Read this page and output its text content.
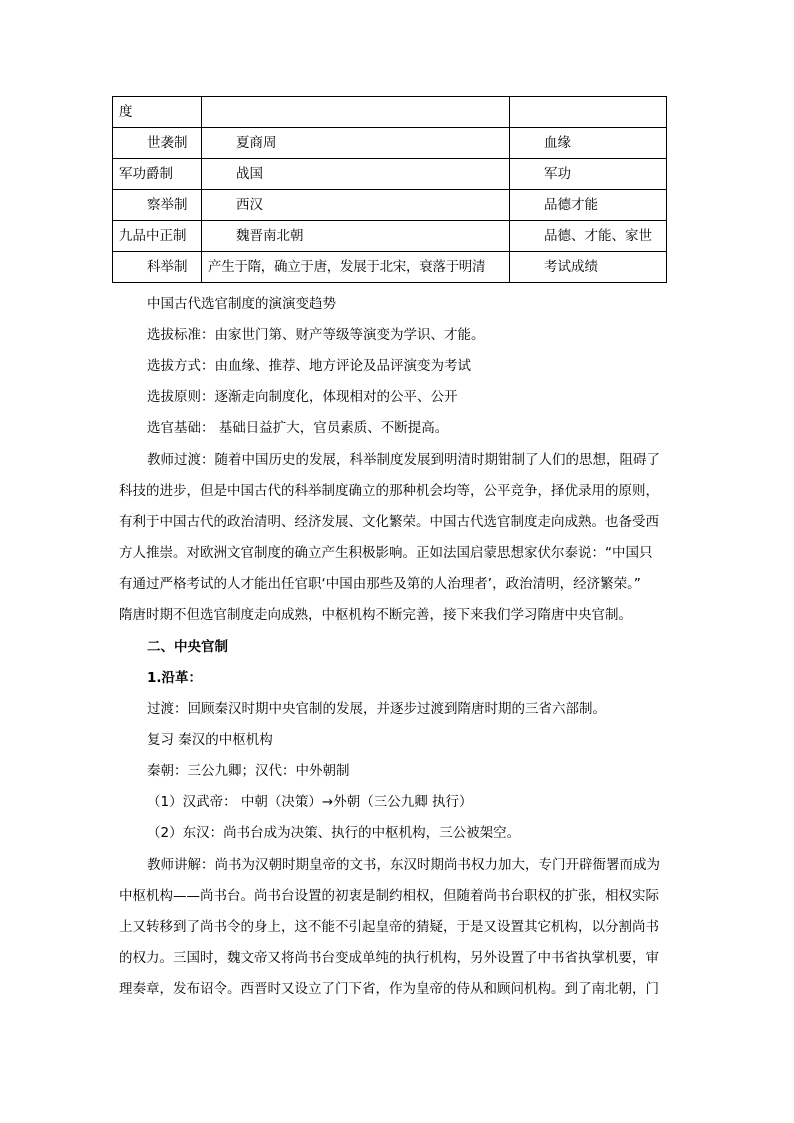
度		
世袭制	夏商周	血缘
军功爵制	战国	军功
察举制	西汉	品德才能
九品中正制	魏晋南北朝	品德、才能、家世
科举制	产生于隋，确立于唐，发展于北宋，衰落于明清	考试成绩
中国古代选官制度的演演变趋势
选拔标准：由家世门第、财产等级等演变为学识、才能。
选拔方式：由血缘、推荐、地方评论及品评演变为考试
选拔原则：逐渐走向制度化，体现相对的公平、公开
选官基础： 基础日益扩大，官员素质、不断提高。
教师过渡：随着中国历史的发展，科举制度发展到明清时期钳制了人们的思想，阻碍了
科技的进步，但是中国古代的科举制度确立的那种机会均等，公平竞争，择优录用的原则，
有利于中国古代的政治清明、经济发展、文化繁荣。中国古代选官制度走向成熟。也备受西
方人推崇。对欧洲文官制度的确立产生积极影响。正如法国启蒙思想家伏尔泰说：“中国只
有通过严格考试的人才能出任官职‘中国由那些及第的人治理者’，政治清明，经济繁荣。”
隋唐时期不但选官制度走向成熟，中枢机构不断完善，接下来我们学习隋唐中央官制。
二、中央官制
1.沿革：
过渡：回顾秦汉时期中央官制的发展，并逐步过渡到隋唐时期的三省六部制。
复习 秦汉的中枢机构
秦朝：三公九卿；汉代：中外朝制
（1）汉武帝： 中朝（决策）→外朝（三公九卿 执行）
（2）东汉：尚书台成为决策、执行的中枢机构，三公被架空。
教师讲解：尚书为汉朝时期皇帝的文书，东汉时期尚书权力加大，专门开辟衙署而成为
中枢机构——尚书台。尚书台设置的初衷是制约相权，但随着尚书台职权的扩张，相权实际
上又转移到了尚书令的身上，这不能不引起皇帝的猜疑，于是又设置其它机构，以分割尚书
的权力。三国时，魏文帝又将尚书台变成单纯的执行机构，另外设置了中书省执掌机要，审
理奏章，发布诏令。西晋时又设立了门下省，作为皇帝的侍从和顾问机构。到了南北朝，门
